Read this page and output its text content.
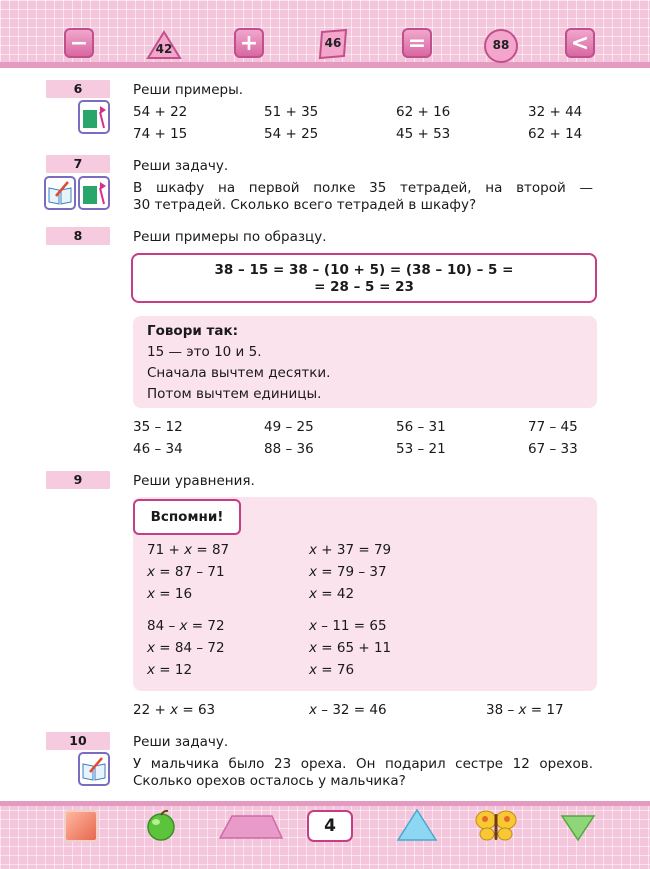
−	42	+	46	=	88	<
6	Реши примеры.
54 + 22	51 + 35	62 + 16	32 + 44
74 + 15	54 + 25	45 + 53	62 + 14
7	Реши задачу.
В шкафу на первой полке 35 тетрадей, на второй —
30 тетрадей. Сколько всего тетрадей в шкафу?
8	Реши примеры по образцу.
38 – 15 = 38 – (10 + 5) = (38 – 10) – 5 =
= 28 – 5 = 23
Говори так:
15 — это 10 и 5.
Сначала вычтем десятки.
Потом вычтем единицы.
35 – 12	49 – 25	56 – 31	77 – 45
46 – 34	88 – 36	53 – 21	67 – 33
9	Реши уравнения.
Вспомни!
71 + x = 87
x = 87 – 71
x = 16
x + 37 = 79
x = 79 – 37
x = 42
84 – x = 72
x = 84 – 72
x = 12
x – 11 = 65
x = 65 + 11
x = 76
22 + x = 63	x – 32 = 46	38 – x = 17
10	Реши задачу.
У мальчика было 23 ореха. Он подарил сестре 12 орехов.
Сколько орехов осталось у мальчика?
4
